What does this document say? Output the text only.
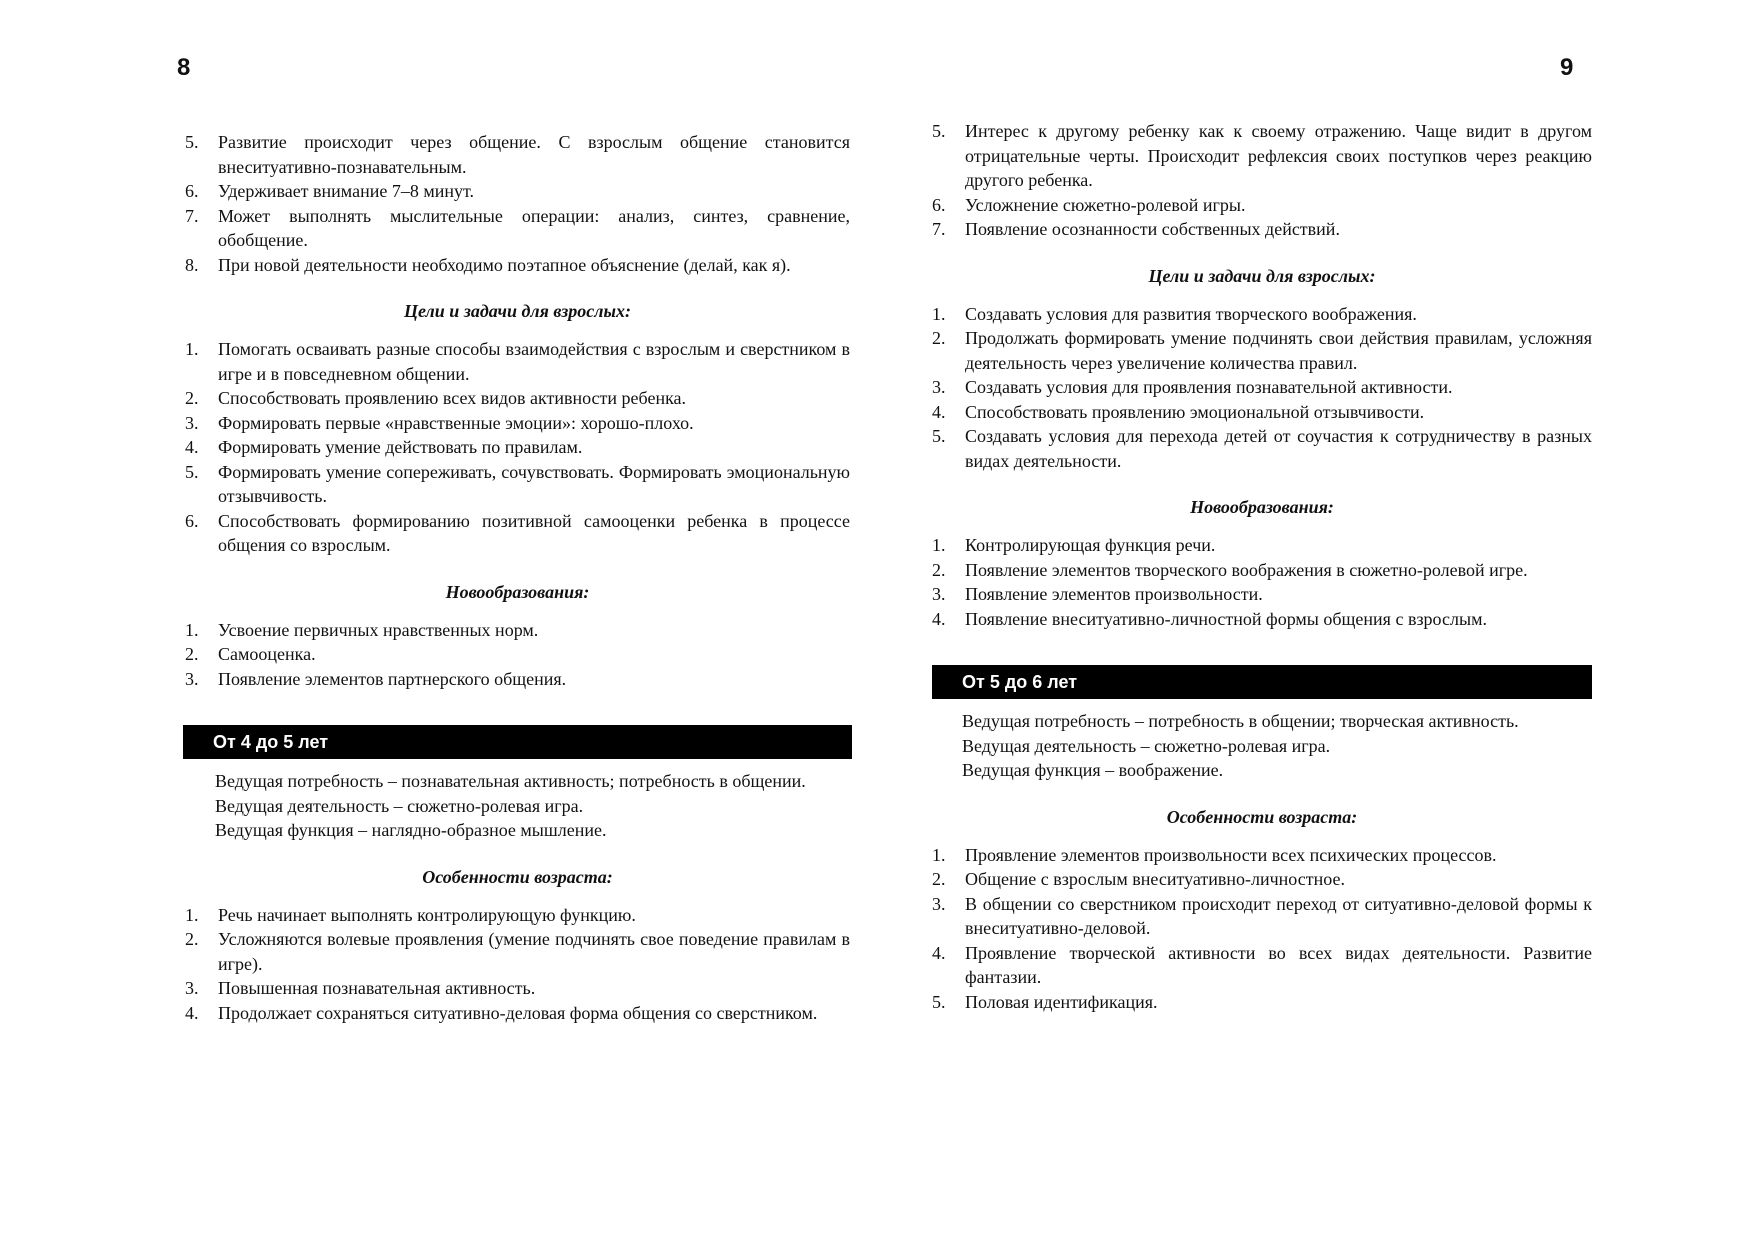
8
5. Развитие происходит через общение. С взрослым общение становится внеситуативно-познавательным.
6. Удерживает внимание 7–8 минут.
7. Может выполнять мыслительные операции: анализ, синтез, сравнение, обобщение.
8. При новой деятельности необходимо поэтапное объяснение (делай, как я).
Цели и задачи для взрослых:
1. Помогать осваивать разные способы взаимодействия с взрослым и сверстником в игре и в повседневном общении.
2. Способствовать проявлению всех видов активности ребенка.
3. Формировать первые «нравственные эмоции»: хорошо-плохо.
4. Формировать умение действовать по правилам.
5. Формировать умение сопереживать, сочувствовать. Формировать эмоциональную отзывчивость.
6. Способствовать формированию позитивной самооценки ребенка в процессе общения со взрослым.
Новообразования:
1. Усвоение первичных нравственных норм.
2. Самооценка.
3. Появление элементов партнерского общения.
От 4 до 5 лет

Ведущая потребность – познавательная активность; потребность в общении.

Ведущая деятельность – сюжетно-ролевая игра.

Ведущая функция – наглядно-образное мышление.

Особенности возраста:
1. Речь начинает выполнять контролирующую функцию.
2. Усложняются волевые проявления (умение подчинять свое поведение правилам в игре).
3. Повышенная познавательная активность.
4. Продолжает сохраняться ситуативно-деловая форма общения со сверстником.
9
5. Интерес к другому ребенку как к своему отражению. Чаще видит в другом отрицательные черты. Происходит рефлексия своих поступков через реакцию другого ребенка.
6. Усложнение сюжетно-ролевой игры.
7. Появление осознанности собственных действий.
Цели и задачи для взрослых:
1. Создавать условия для развития творческого воображения.
2. Продолжать формировать умение подчинять свои действия правилам, усложняя деятельность через увеличение количества правил.
3. Создавать условия для проявления познавательной активности.
4. Способствовать проявлению эмоциональной отзывчивости.
5. Создавать условия для перехода детей от соучастия к сотрудничеству в разных видах деятельности.
Новообразования:
1. Контролирующая функция речи.
2. Появление элементов творческого воображения в сюжетно-ролевой игре.
3. Появление элементов произвольности.
4. Появление внеситуативно-личностной формы общения с взрослым.
От 5 до 6 лет

Ведущая потребность – потребность в общении; творческая активность.

Ведущая деятельность – сюжетно-ролевая игра.

Ведущая функция – воображение.

Особенности возраста:
1. Проявление элементов произвольности всех психических процессов.
2. Общение с взрослым внеситуативно-личностное.
3. В общении со сверстником происходит переход от ситуативно-деловой формы к внеситуативно-деловой.
4. Проявление творческой активности во всех видах деятельности. Развитие фантазии.
5. Половая идентификация.
